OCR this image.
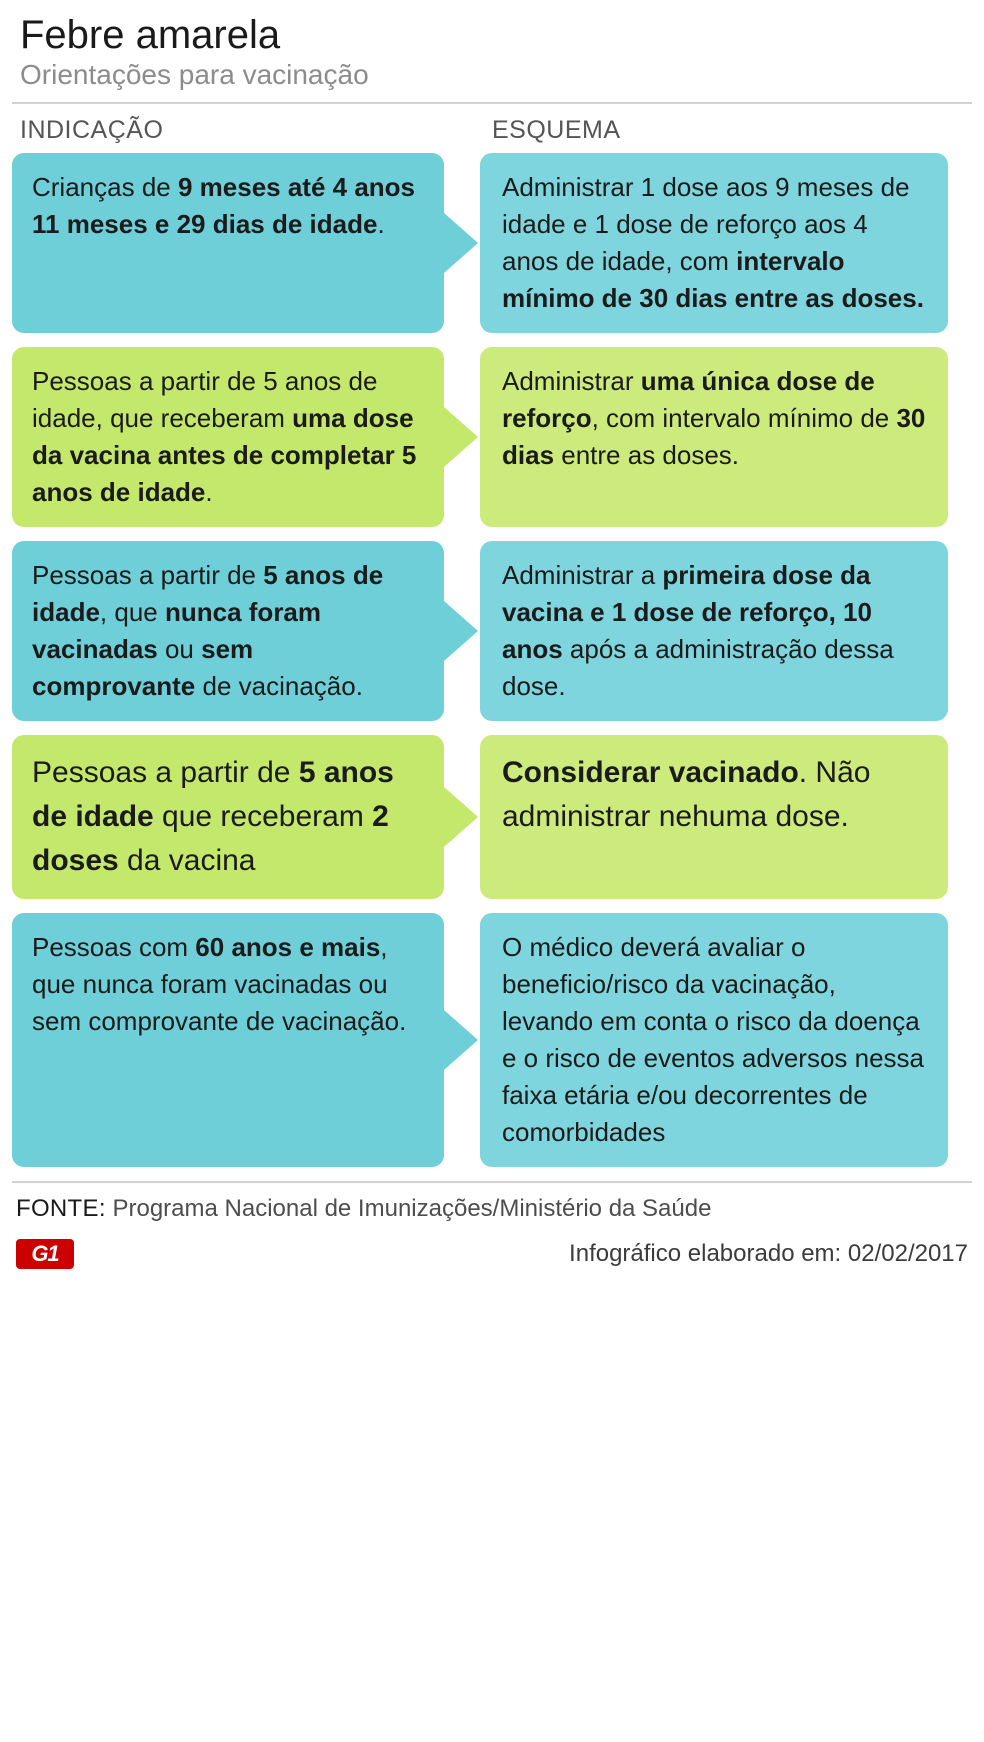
Febre amarela
Orientações para vacinação
INDICAÇÃO	ESQUEMA
Crianças de 9 meses até 4 anos 11 meses e 29 dias de idade.
Administrar 1 dose aos 9 meses de idade e 1 dose de reforço aos 4 anos de idade, com intervalo mínimo de 30 dias entre as doses.
Pessoas a partir de 5 anos de idade, que receberam uma dose da vacina antes de completar 5 anos de idade.
Administrar uma única dose de reforço, com intervalo mínimo de 30 dias entre as doses.
Pessoas a partir de 5 anos de idade, que nunca foram vacinadas ou sem comprovante de vacinação.
Administrar a primeira dose da vacina e 1 dose de reforço, 10 anos após a administração dessa dose.
Pessoas a partir de 5 anos de idade que receberam 2 doses da vacina
Considerar vacinado. Não administrar nehuma dose.
Pessoas com 60 anos e mais, que nunca foram vacinadas ou sem comprovante de vacinação.
O médico deverá avaliar o beneficio/risco da vacinação, levando em conta o risco da doença e o risco de eventos adversos nessa faixa etária e/ou decorrentes de comorbidades
FONTE: Programa Nacional de Imunizações/Ministério da Saúde
G1	Infográfico elaborado em: 02/02/2017
